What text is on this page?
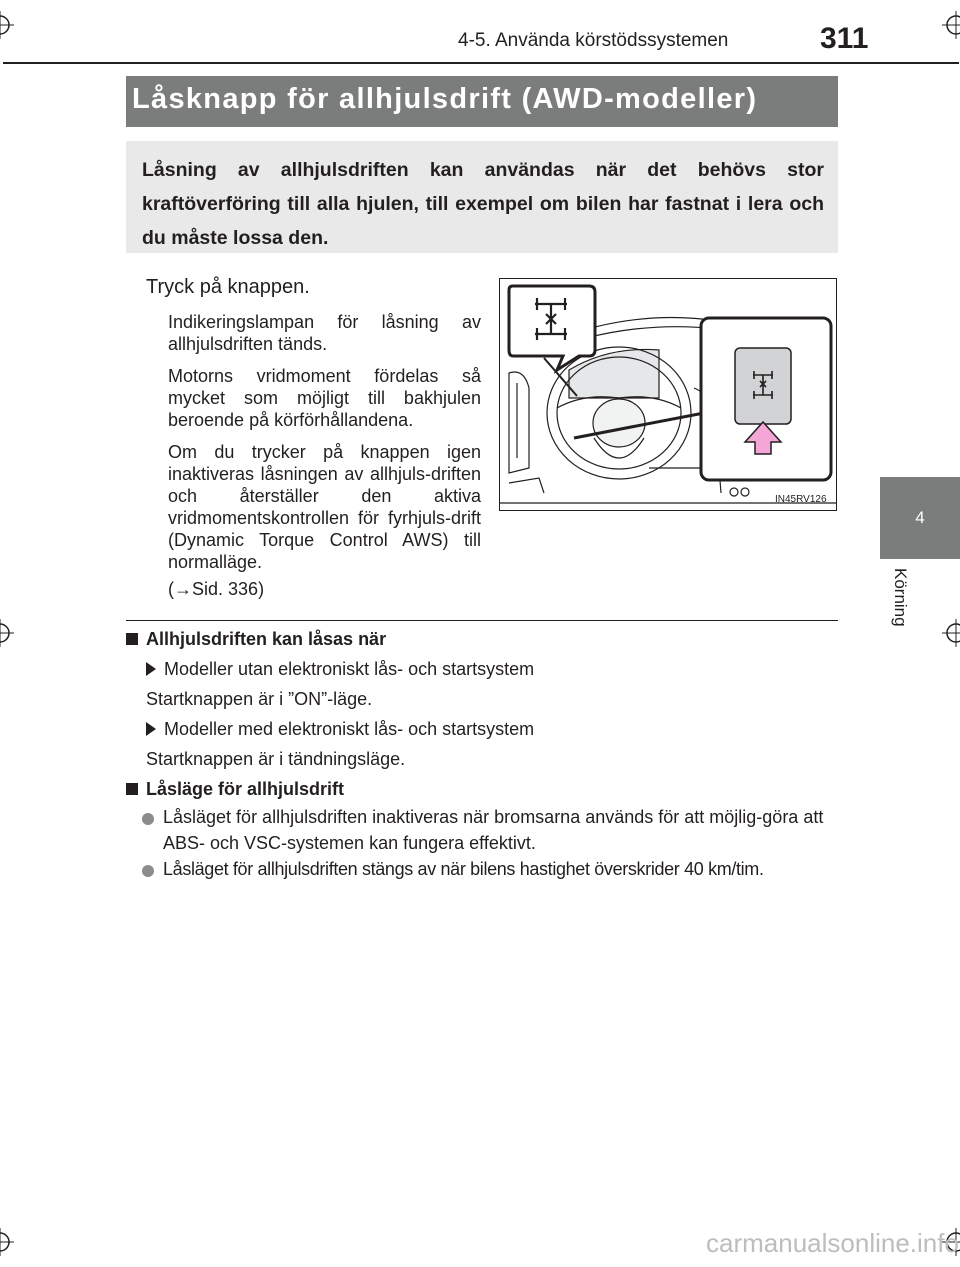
4-5. Använda körstödssystemen	311
4
Körning
Låsknapp för allhjulsdrift (AWD-modeller)
Låsning av allhjulsdriften kan användas när det behövs stor kraftöverföring till alla hjulen, till exempel om bilen har fastnat i lera och du måste lossa den.
Tryck på knappen.
Indikeringslampan för låsning av allhjulsdriften tänds.
Motorns vridmoment fördelas så mycket som möjligt till bakhjulen beroende på körförhållandena.
Om du trycker på knappen igen inaktiveras låsningen av allhjuls-driften och återställer den aktiva vridmomentskontrollen för fyrhjuls-drift (Dynamic Torque Control AWS) till normalläge.
(→Sid. 336)
IN45RV126
Allhjulsdriften kan låsas när
Modeller utan elektroniskt lås- och startsystem
Startknappen är i ”ON”-läge.
Modeller med elektroniskt lås- och startsystem
Startknappen är i tändningsläge.
Låsläge för allhjulsdrift
Låsläget för allhjulsdriften inaktiveras när bromsarna används för att möjlig-göra att ABS- och VSC-systemen kan fungera effektivt.
Låsläget för allhjulsdriften stängs av när bilens hastighet överskrider 40 km/tim.
carmanualsonline.info
